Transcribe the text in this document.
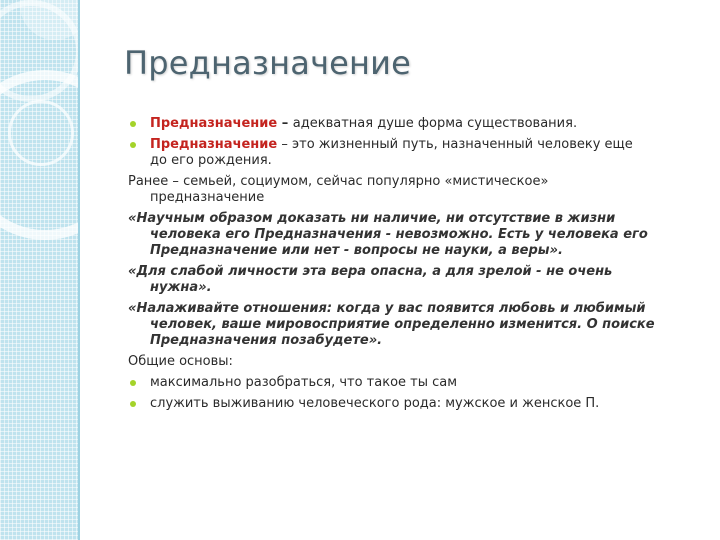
Предназначение
Предназначение – адекватная душе форма существования.
Предназначение – это жизненный путь, назначенный человеку еще
до его рождения.
Ранее – семьей, социумом, сейчас популярно «мистическое»
предназначение
«Научным образом доказать ни наличие, ни отсутствие в жизни
человека его Предназначения - невозможно. Есть у человека его
Предназначение или нет - вопросы не науки, а веры».
«Для слабой личности эта вера опасна, а для зрелой - не очень
нужна».
«Налаживайте отношения: когда у вас появится любовь и любимый
человек, ваше мировосприятие определенно изменится. О поиске
Предназначения позабудете».
Общие основы:
максимально разобраться, что такое ты сам
служить выживанию человеческого рода: мужское и женское П.
